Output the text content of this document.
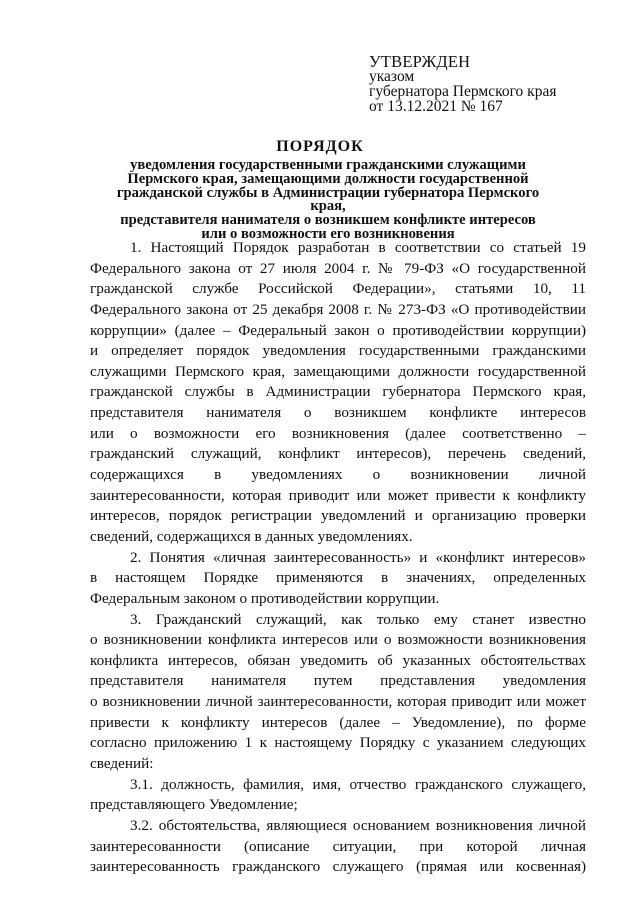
УТВЕРЖДЕН
указом
губернатора Пермского края
от 13.12.2021 № 167
ПОРЯДОК
уведомления государственными гражданскими служащими
Пермского края, замещающими должности государственной
гражданской службы в Администрации губернатора Пермского края,
представителя нанимателя о возникшем конфликте интересов
или о возможности его возникновения
1. Настоящий Порядок разработан в соответствии со статьей 19
Федерального закона от 27 июля 2004 г. № 79-ФЗ «О государственной
гражданской службе Российской Федерации», статьями 10, 11
Федерального закона от 25 декабря 2008 г. № 273-ФЗ «О противодействии
коррупции» (далее – Федеральный закон о противодействии коррупции)
и определяет порядок уведомления государственными гражданскими
служащими Пермского края, замещающими должности государственной
гражданской службы в Администрации губернатора Пермского края,
представителя нанимателя о возникшем конфликте интересов
или о возможности его возникновения (далее соответственно –
гражданский служащий, конфликт интересов), перечень сведений,
содержащихся в уведомлениях о возникновении личной
заинтересованности, которая приводит или может привести к конфликту
интересов, порядок регистрации уведомлений и организацию проверки
сведений, содержащихся в данных уведомлениях.
2. Понятия «личная заинтересованность» и «конфликт интересов»
в настоящем Порядке применяются в значениях, определенных
Федеральным законом о противодействии коррупции.
3. Гражданский служащий, как только ему станет известно
о возникновении конфликта интересов или о возможности возникновения
конфликта интересов, обязан уведомить об указанных обстоятельствах
представителя нанимателя путем представления уведомления
о возникновении личной заинтересованности, которая приводит или может
привести к конфликту интересов (далее – Уведомление), по форме
согласно приложению 1 к настоящему Порядку с указанием следующих
сведений:
3.1. должность, фамилия, имя, отчество гражданского служащего,
представляющего Уведомление;
3.2. обстоятельства, являющиеся основанием возникновения личной
заинтересованности (описание ситуации, при которой личная
заинтересованность гражданского служащего (прямая или косвенная)
